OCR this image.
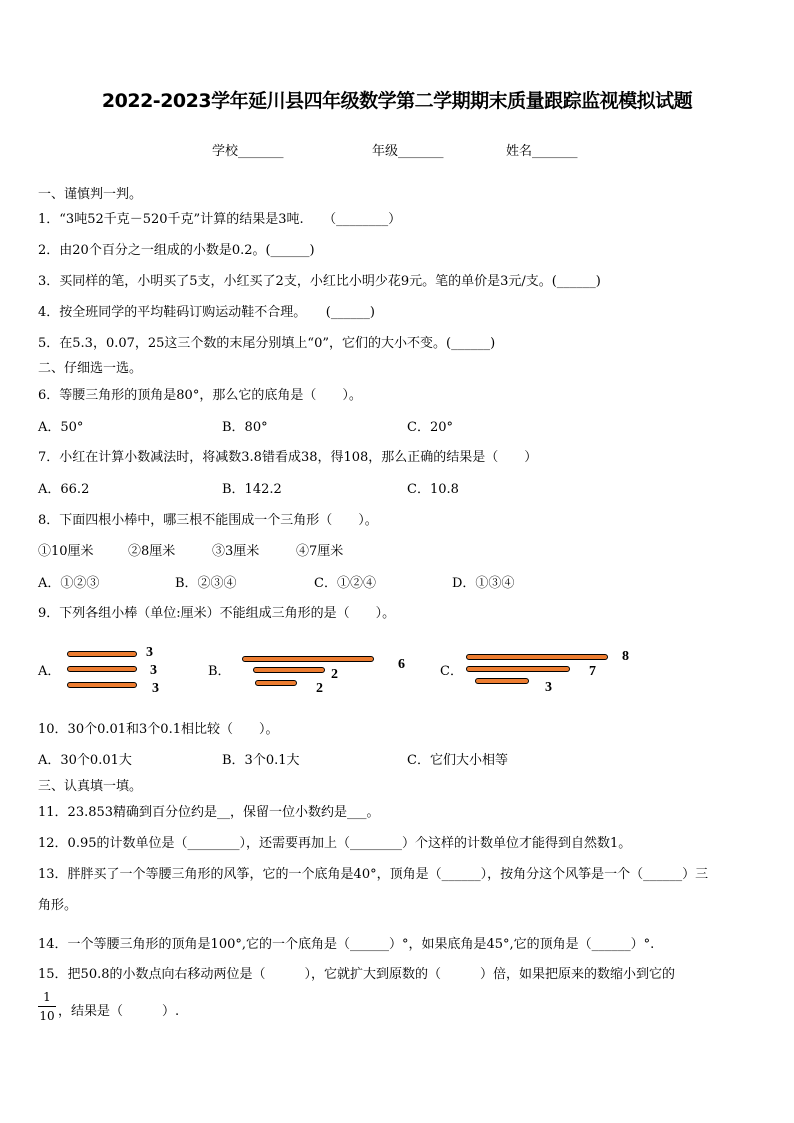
2022-2023学年延川县四年级数学第二学期期末质量跟踪监视模拟试题
学校_______	年级_______	姓名_______
一、谨慎判一判。
1．“3吨52千克－520千克”计算的结果是3吨.　　（________）
2．由20个百分之一组成的小数是0.2。(______)
3．买同样的笔，小明买了5支，小红买了2支，小红比小明少花9元。笔的单价是3元/支。(______)
4．按全班同学的平均鞋码订购运动鞋不合理。　　(______)
5．在5.3，0.07，25这三个数的末尾分别填上“0”，它们的大小不变。(______)
二、仔细选一选。
6．等腰三角形的顶角是80°，那么它的底角是（　　）。
A．50°	B．80°	C．20°
7．小红在计算小数减法时，将减数3.8错看成38，得108，那么正确的结果是（　　）
A．66.2	B．142.2	C．10.8
8．下面四根小棒中，哪三根不能围成一个三角形（　　）。
①10厘米	②8厘米	③3厘米	④7厘米
A．①②③	B．②③④	C．①②④	D．①③④
9．下列各组小棒（单位:厘米）不能组成三角形的是（　　）。
A．
3
3
3
B．	6
2
2
C．
8
7
3
10．30个0.01和3个0.1相比较（　　）。
A．30个0.01大	B．3个0.1大	C．它们大小相等
三、认真填一填。
11．23.853精确到百分位约是__，保留一位小数约是___。
12．0.95的计数单位是（________），还需要再加上（________）个这样的计数单位才能得到自然数1。
13．胖胖买了一个等腰三角形的风筝，它的一个底角是40°，顶角是（______），按角分这个风筝是一个（______）三
角形。
14．一个等腰三角形的顶角是100°,它的一个底角是（______）°，如果底角是45°,它的顶角是（______）°.
15．把50.8的小数点向右移动两位是（　　　），它就扩大到原数的（　　　）倍，如果把原来的数缩小到它的
1
10 ，结果是（　　　）.
